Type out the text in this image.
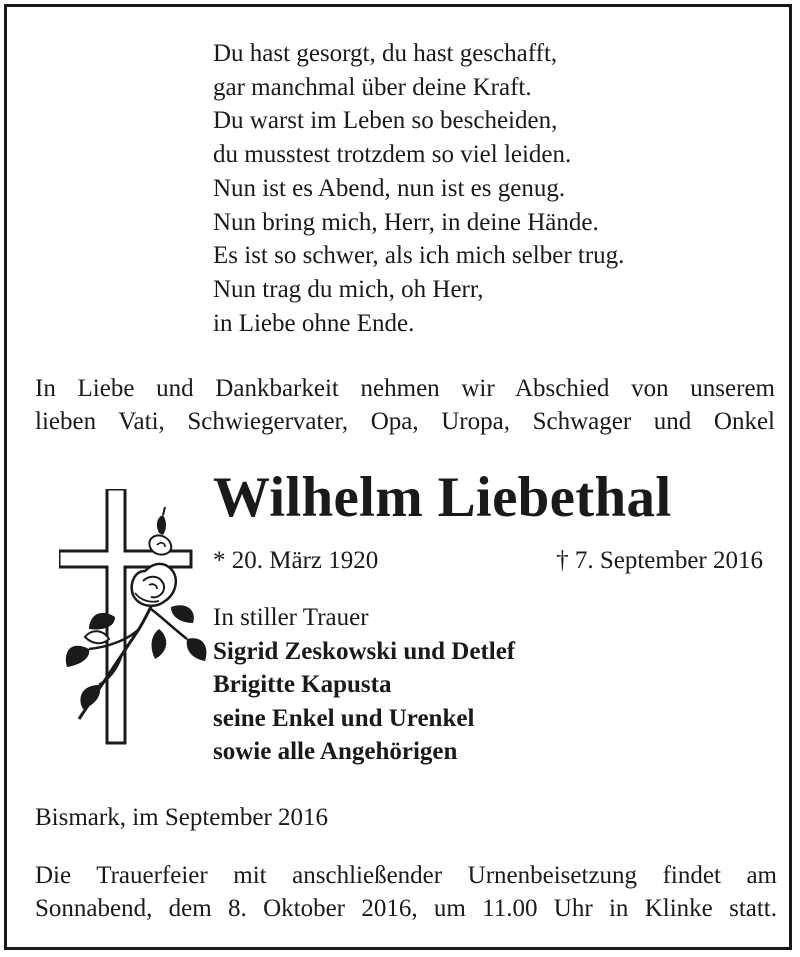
Du hast gesorgt, du hast geschafft,
gar manchmal über deine Kraft.
Du warst im Leben so bescheiden,
du musstest trotzdem so viel leiden.
Nun ist es Abend, nun ist es genug.
Nun bring mich, Herr, in deine Hände.
Es ist so schwer, als ich mich selber trug.
Nun trag du mich, oh Herr,
in Liebe ohne Ende.
In Liebe und Dankbarkeit nehmen wir Abschied von unserem
lieben Vati, Schwiegervater, Opa, Uropa, Schwager und Onkel
Wilhelm Liebethal
* 20. März 1920	† 7. September 2016
In stiller Trauer
Sigrid Zeskowski und Detlef
Brigitte Kapusta
seine Enkel und Urenkel
sowie alle Angehörigen
Bismark, im September 2016
Die Trauerfeier mit anschließender Urnenbeisetzung findet am
Sonnabend, dem 8. Oktober 2016, um 11.00 Uhr in Klinke statt.
